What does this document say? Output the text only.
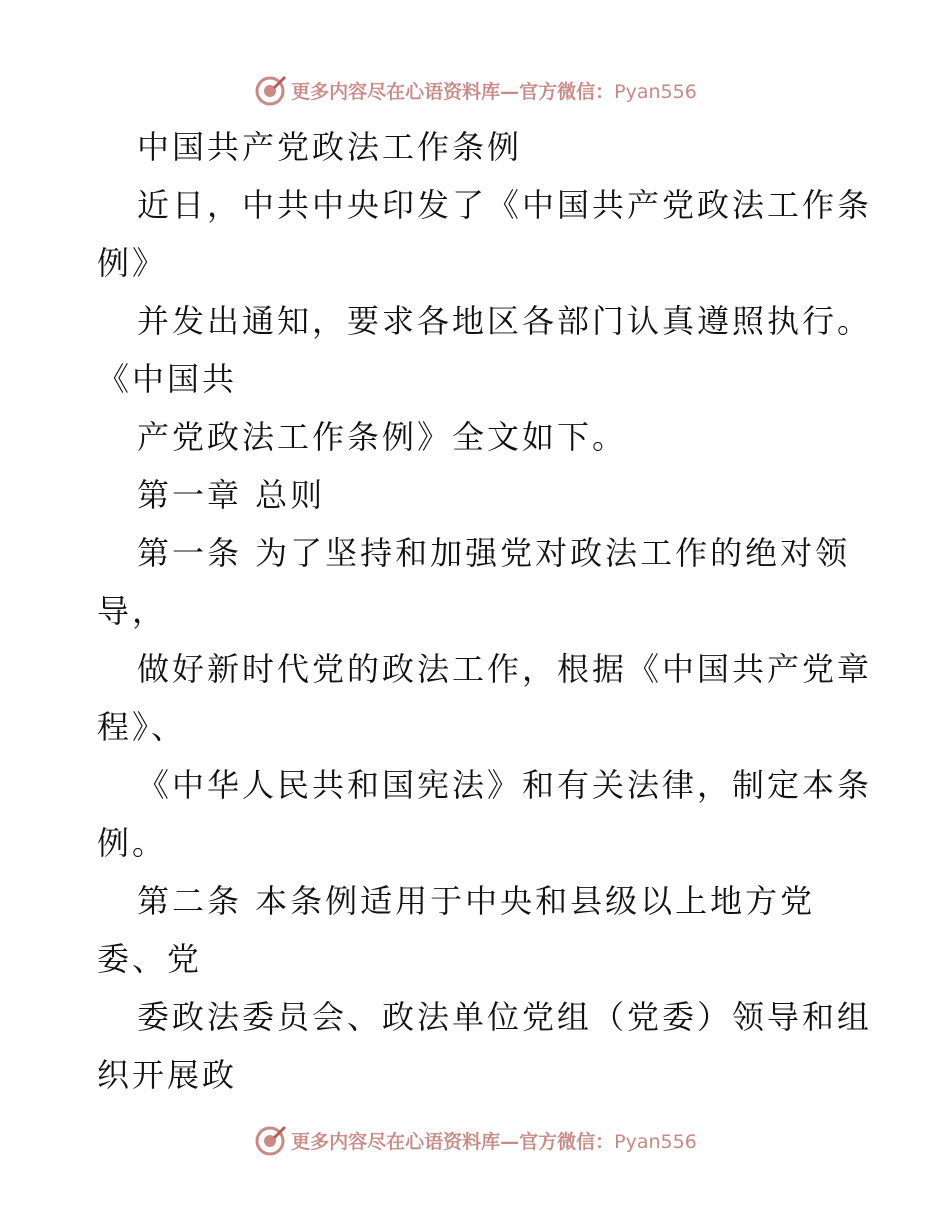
更多内容尽在心语资料库—官方微信：Pyan556

中国共产党政法工作条例

近日，中共中央印发了《中国共产党政法工作条

例》

并发出通知，要求各地区各部门认真遵照执行。

《中国共

产党政法工作条例》全文如下。

第一章 总则

第一条 为了坚持和加强党对政法工作的绝对领

导，

做好新时代党的政法工作，根据《中国共产党章

程》、

《中华人民共和国宪法》和有关法律，制定本条

例。

第二条 本条例适用于中央和县级以上地方党

委、党

委政法委员会、政法单位党组（党委）领导和组

织开展政

更多内容尽在心语资料库—官方微信：Pyan556
